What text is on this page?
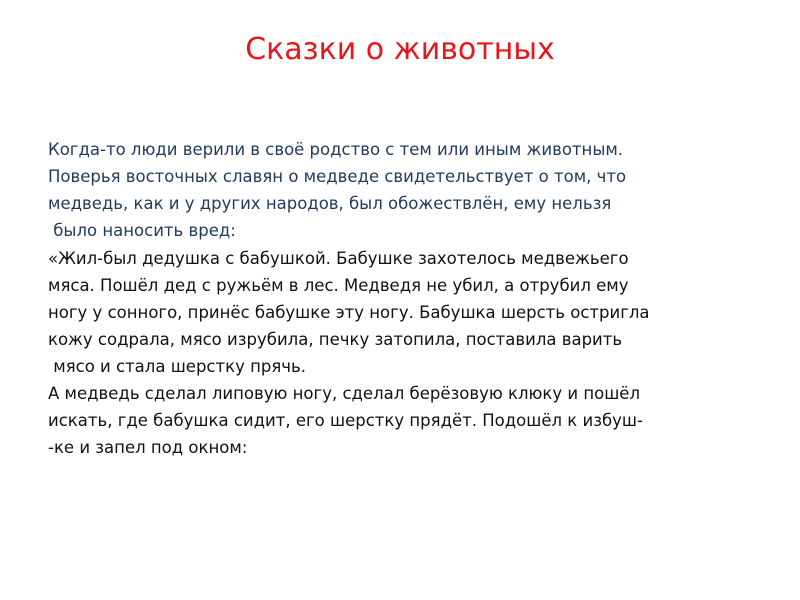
Сказки о животных
Когда-то люди верили в своё родство с тем или иным животным.
Поверья восточных славян о медведе свидетельствует о том, что
медведь, как и у других народов, был обожествлён, ему нельзя
было наносить вред:
«Жил-был дедушка с бабушкой. Бабушке захотелось медвежьего
мяса. Пошёл дед с ружьём в лес. Медведя не убил, а отрубил ему
ногу у сонного, принёс бабушке эту ногу. Бабушка шерсть остригла
кожу содрала, мясо изрубила, печку затопила, поставила варить
мясо и стала шерстку прячь.
А медведь сделал липовую ногу, сделал берёзовую клюку и пошёл
искать, где бабушка сидит, его шерстку прядёт. Подошёл к избуш-
-ке и запел под окном:
